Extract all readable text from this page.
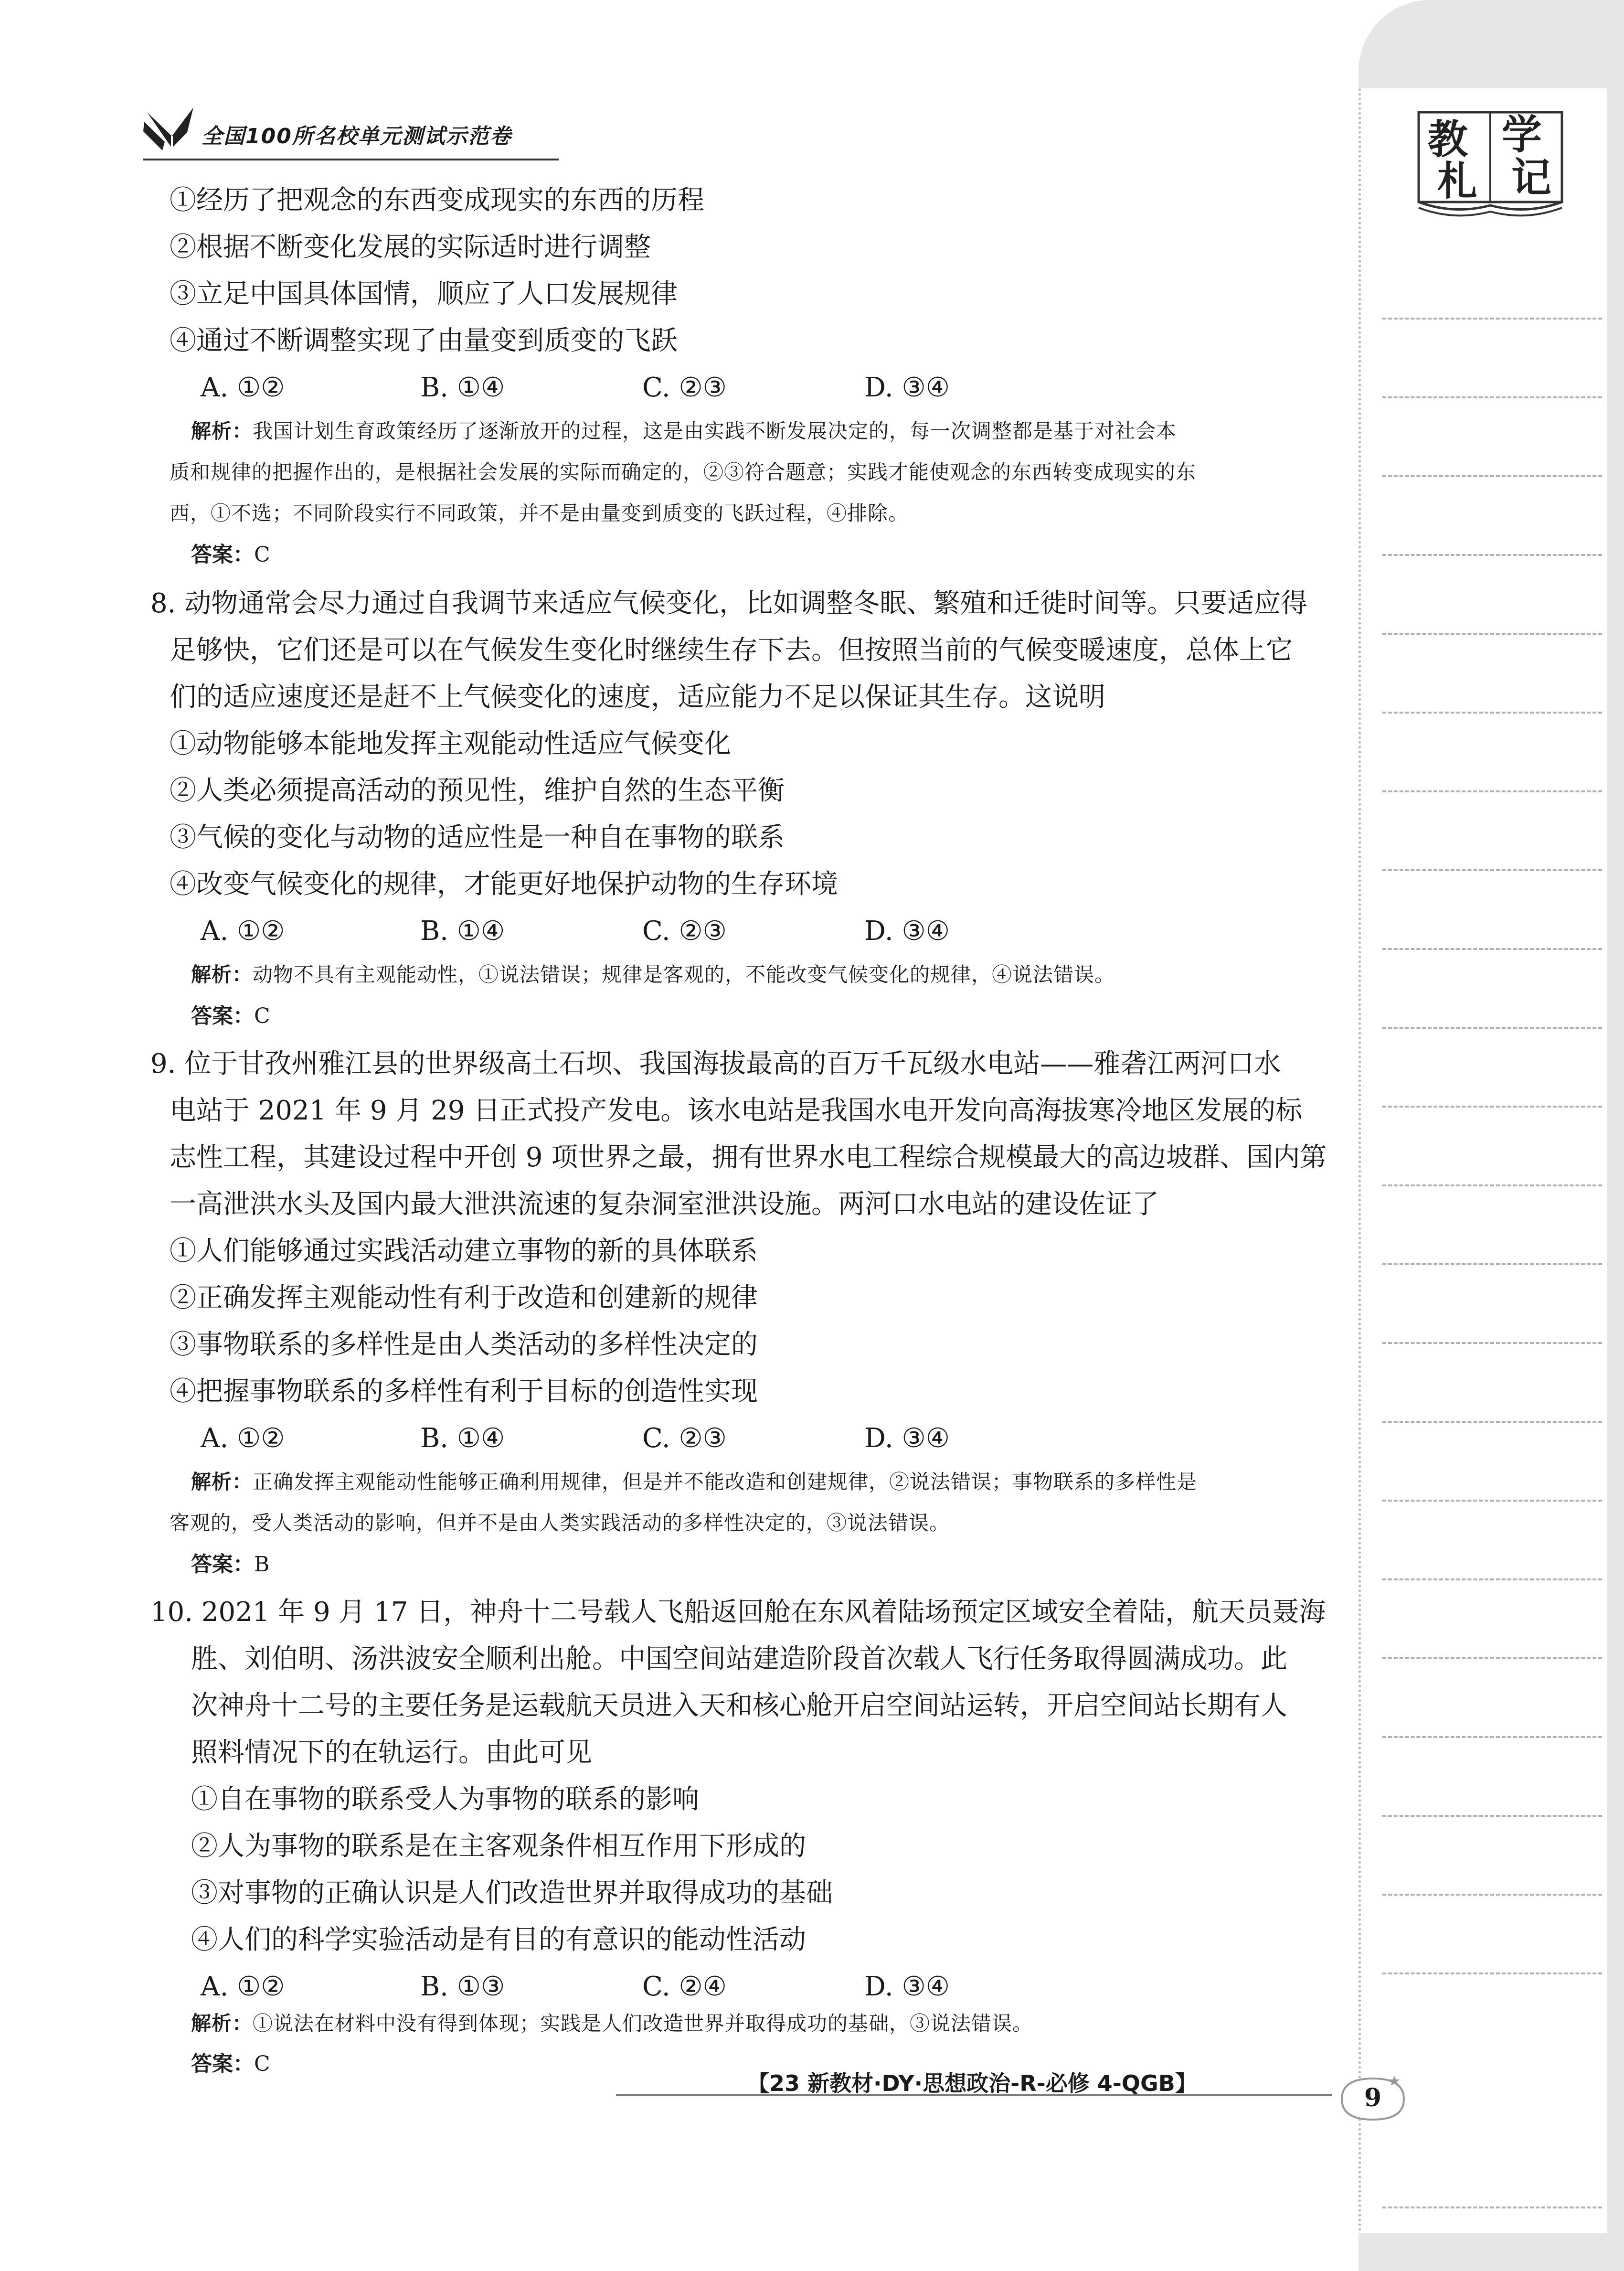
教 学
札 记
全国100所名校单元测试示范卷
①经历了把观念的东西变成现实的东西的历程
②根据不断变化发展的实际适时进行调整
③立足中国具体国情，顺应了人口发展规律
④通过不断调整实现了由量变到质变的飞跃
A. ①②	B. ①④	C. ②③	D. ③④
解析：我国计划生育政策经历了逐渐放开的过程，这是由实践不断发展决定的，每一次调整都是基于对社会本
质和规律的把握作出的，是根据社会发展的实际而确定的，②③符合题意；实践才能使观念的东西转变成现实的东
西，①不选；不同阶段实行不同政策，并不是由量变到质变的飞跃过程，④排除。
答案：C
8. 动物通常会尽力通过自我调节来适应气候变化，比如调整冬眠、繁殖和迁徙时间等。只要适应得
足够快，它们还是可以在气候发生变化时继续生存下去。但按照当前的气候变暖速度，总体上它
们的适应速度还是赶不上气候变化的速度，适应能力不足以保证其生存。这说明
①动物能够本能地发挥主观能动性适应气候变化
②人类必须提高活动的预见性，维护自然的生态平衡
③气候的变化与动物的适应性是一种自在事物的联系
④改变气候变化的规律，才能更好地保护动物的生存环境
A. ①②	B. ①④	C. ②③	D. ③④
解析：动物不具有主观能动性，①说法错误；规律是客观的，不能改变气候变化的规律，④说法错误。
答案：C
9. 位于甘孜州雅江县的世界级高土石坝、我国海拔最高的百万千瓦级水电站——雅砻江两河口水
电站于 2021 年 9 月 29 日正式投产发电。该水电站是我国水电开发向高海拔寒冷地区发展的标
志性工程，其建设过程中开创 9 项世界之最，拥有世界水电工程综合规模最大的高边坡群、国内第
一高泄洪水头及国内最大泄洪流速的复杂洞室泄洪设施。两河口水电站的建设佐证了
①人们能够通过实践活动建立事物的新的具体联系
②正确发挥主观能动性有利于改造和创建新的规律
③事物联系的多样性是由人类活动的多样性决定的
④把握事物联系的多样性有利于目标的创造性实现
A. ①②	B. ①④	C. ②③	D. ③④
解析：正确发挥主观能动性能够正确利用规律，但是并不能改造和创建规律，②说法错误；事物联系的多样性是
客观的，受人类活动的影响，但并不是由人类实践活动的多样性决定的，③说法错误。
答案：B
10. 2021 年 9 月 17 日，神舟十二号载人飞船返回舱在东风着陆场预定区域安全着陆，航天员聂海
胜、刘伯明、汤洪波安全顺利出舱。中国空间站建造阶段首次载人飞行任务取得圆满成功。此
次神舟十二号的主要任务是运载航天员进入天和核心舱开启空间站运转，开启空间站长期有人
照料情况下的在轨运行。由此可见
①自在事物的联系受人为事物的联系的影响
②人为事物的联系是在主客观条件相互作用下形成的
③对事物的正确认识是人们改造世界并取得成功的基础
④人们的科学实验活动是有目的有意识的能动性活动
A. ①②	B. ①③	C. ②④	D. ③④
解析：①说法在材料中没有得到体现；实践是人们改造世界并取得成功的基础，③说法错误。
答案：C
【23 新教材·DY·思想政治-R-必修 4-QGB】	9
